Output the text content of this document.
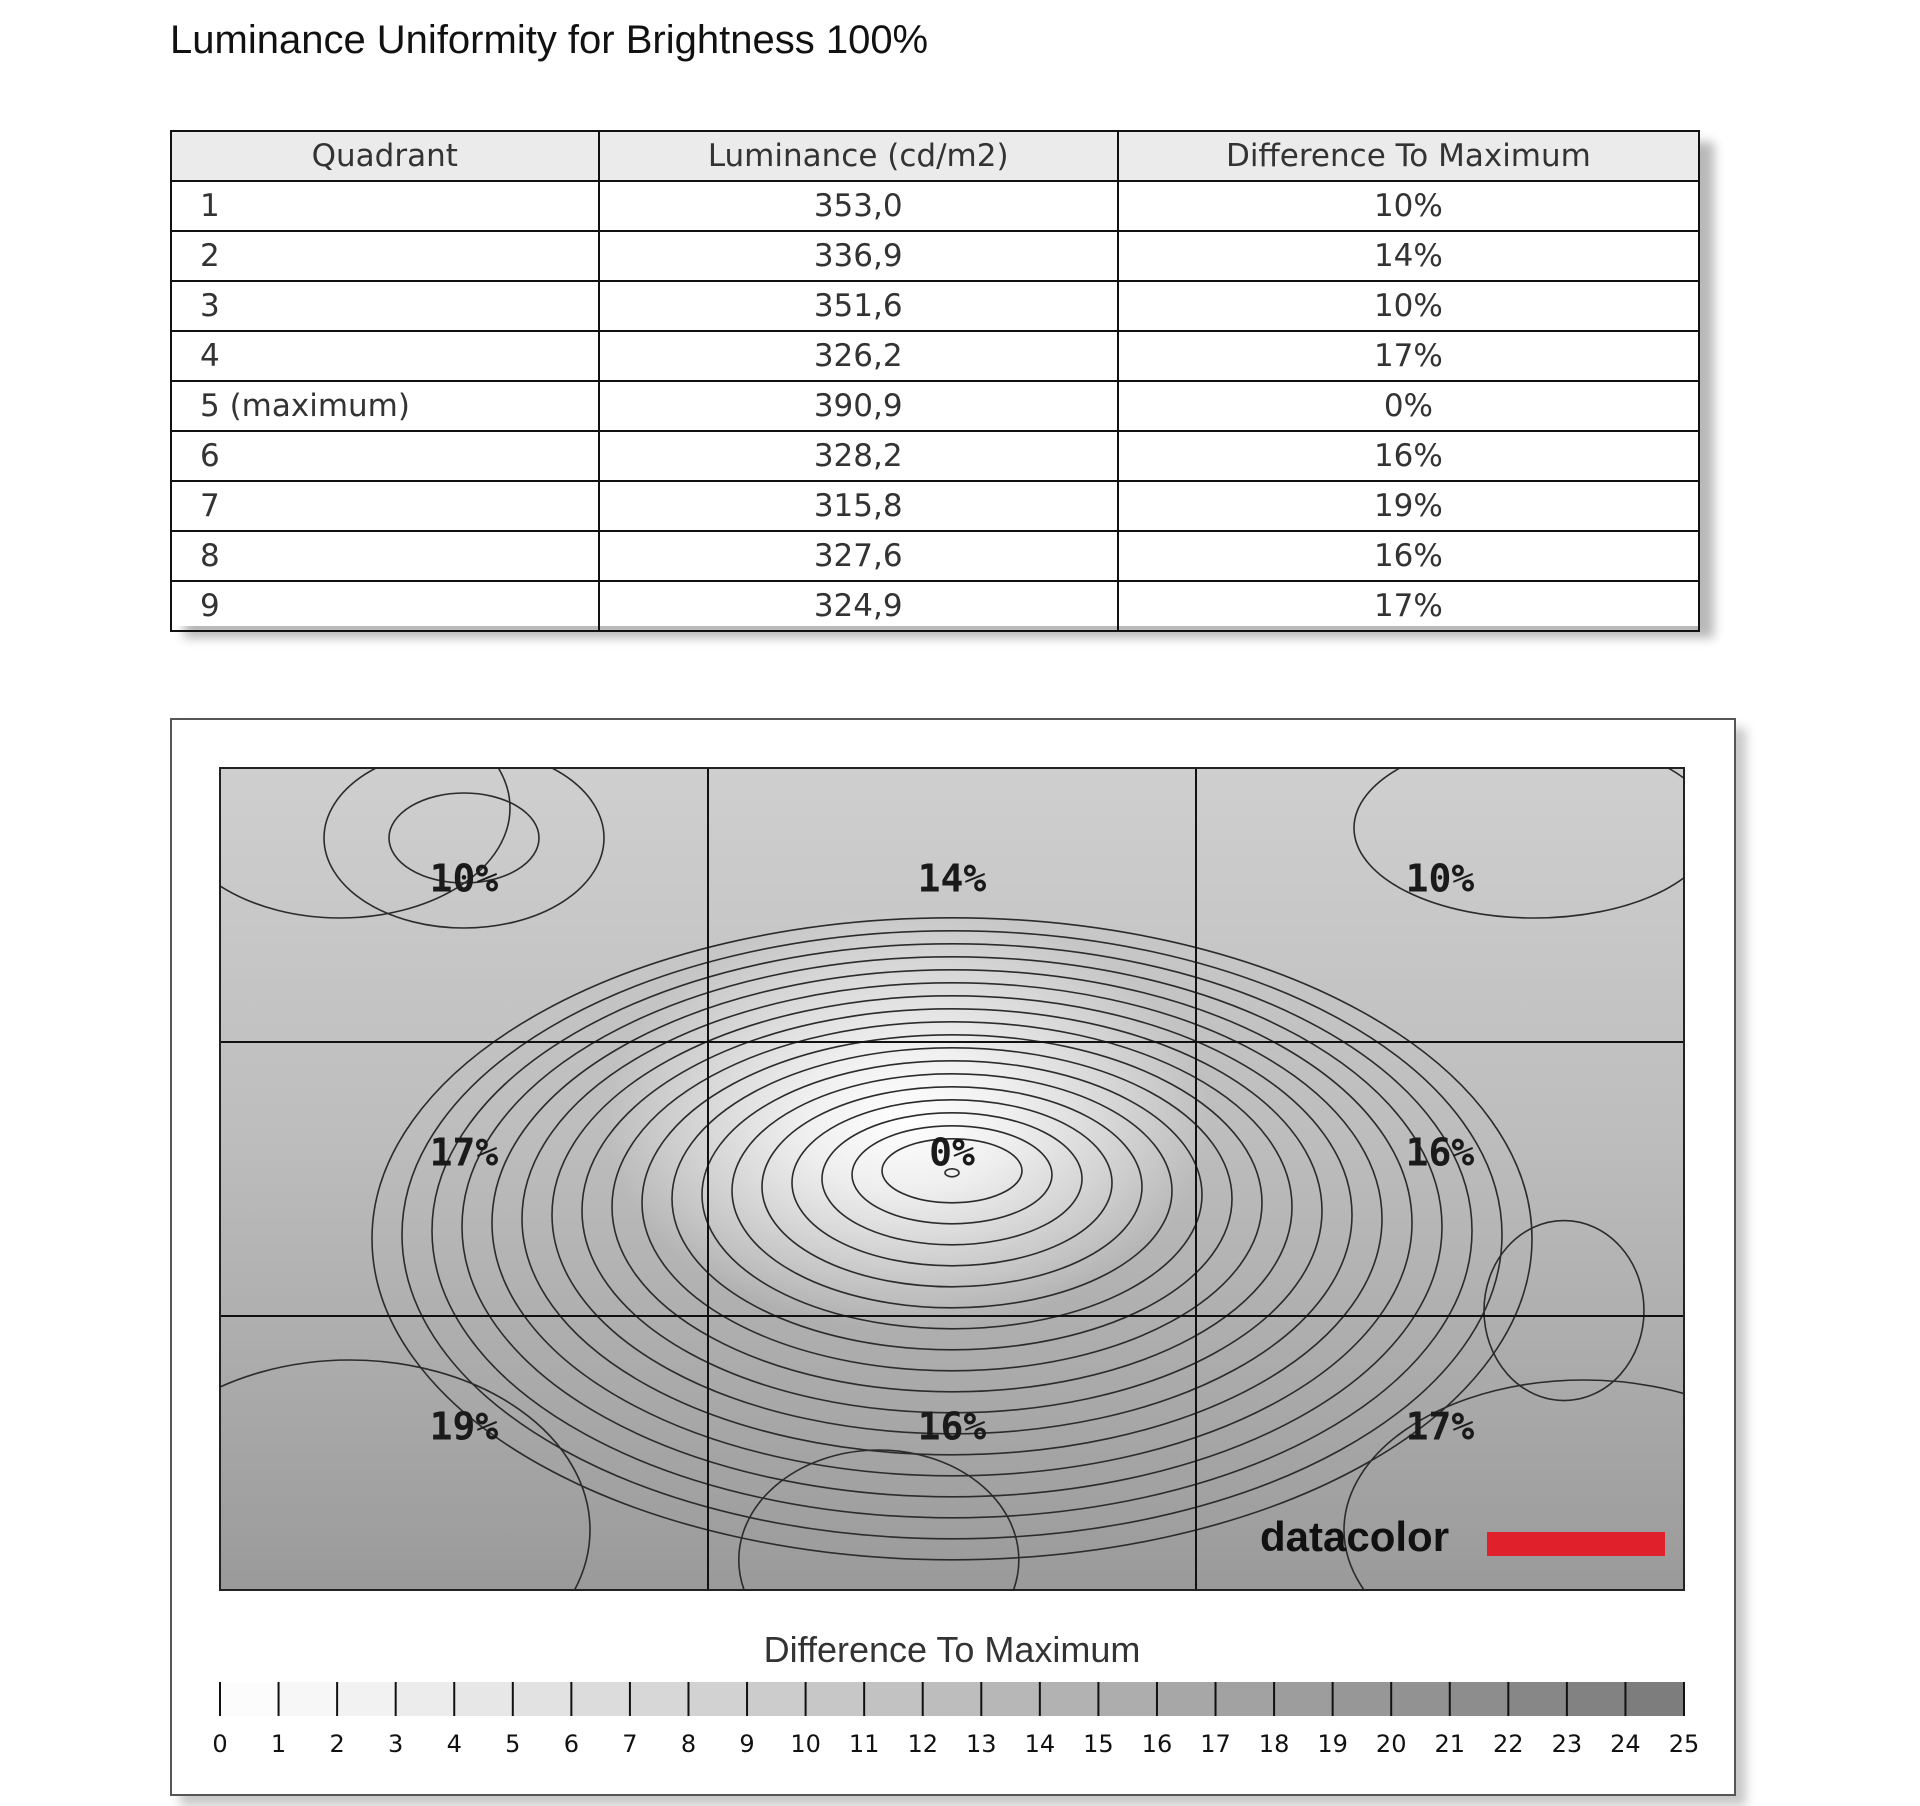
Luminance Uniformity for Brightness 100%
Quadrant	Luminance (cd/m2)	Difference To Maximum
1	353,0	10%
2	336,9	14%
3	351,6	10%
4	326,2	17%
5 (maximum)	390,9	0%
6	328,2	16%
7	315,8	19%
8	327,6	16%
9	324,9	17%
10%	14%	10%
17%	0%	16%
19%	16%	17%
datacolor
Difference To Maximum
0 1 2 3 4 5 6 7 8 9 10 11 12 13 14 15 16 17 18 19 20 21 22 23 24 25
